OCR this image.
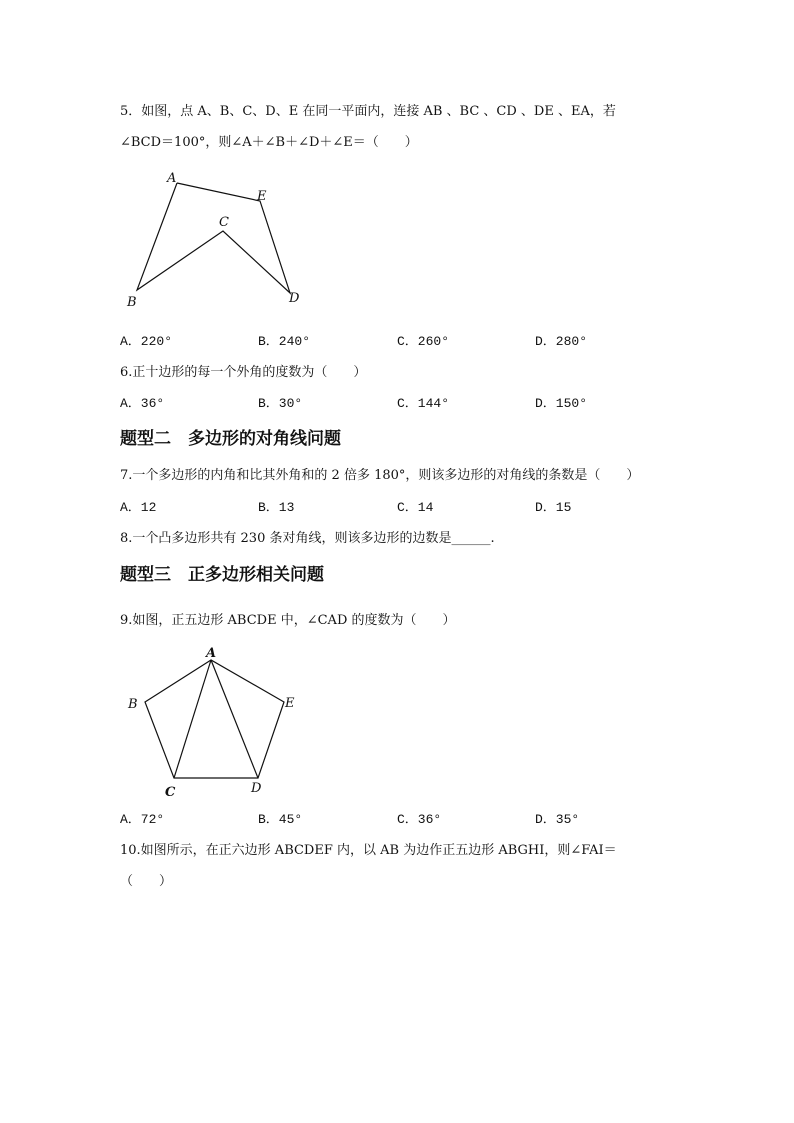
5．如图，点 A、B、C、D、E 在同一平面内，连接 AB 、BC 、CD 、DE 、EA，若
∠BCD＝100°，则∠A＋∠B＋∠D＋∠E＝（　　）
A
B
C
D
E
A．220°	B．240°	C．260°	D．280°
6.正十边形的每一个外角的度数为（　　）
A．36°	B．30°	C．144°	D．150°
题型二　多边形的对角线问题
7.一个多边形的内角和比其外角和的 2 倍多 180°，则该多边形的对角线的条数是（　　）
A．12	B．13	C．14	D．15
8.一个凸多边形共有 230 条对角线，则该多边形的边数是______.
题型三　正多边形相关问题
9.如图，正五边形 ABCDE 中，∠CAD 的度数为（　　）
A
B
C	D
E
A．72°	B．45°	C．36°	D．35°
10.如图所示，在正六边形 ABCDEF 内，以 AB 为边作正五边形 ABGHI，则∠FAI＝
（　　）
